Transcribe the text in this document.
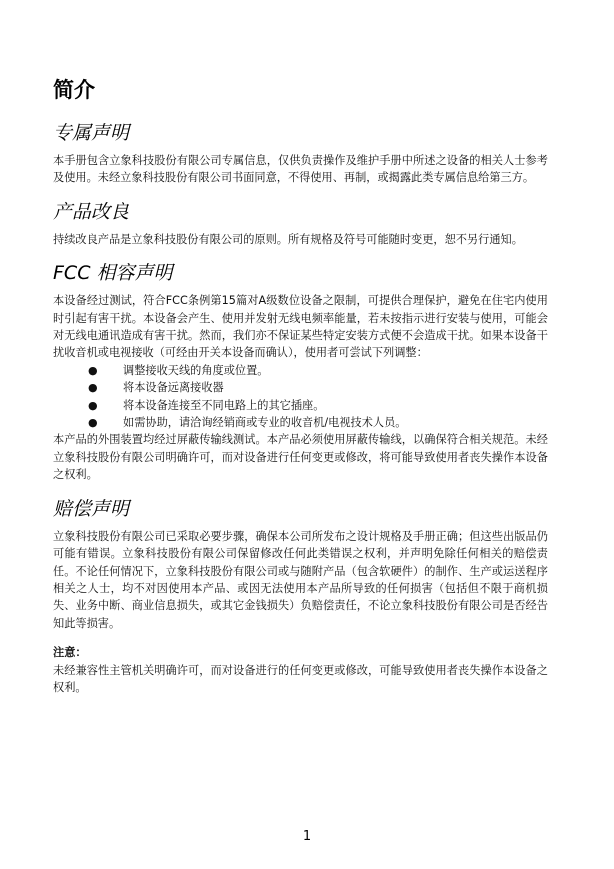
简介
专属声明

本手册包含立象科技股份有限公司专属信息，仅供负责操作及维护手册中所述之设备的相关人士参考及使用。未经立象科技股份有限公司书面同意，不得使用、再制，或揭露此类专属信息给第三方。

产品改良

持续改良产品是立象科技股份有限公司的原则。所有规格及符号可能随时变更，恕不另行通知。

FCC 相容声明

本设备经过测试，符合FCC条例第15篇对A级数位设备之限制，可提供合理保护，避免在住宅内使用时引起有害干扰。本设备会产生、使用并发射无线电频率能量，若未按指示进行安装与使用，可能会对无线电通讯造成有害干扰。然而，我们亦不保证某些特定安装方式便不会造成干扰。如果本设备干扰收音机或电视接收（可经由开关本设备而确认），使用者可尝试下列调整：

● 调整接收天线的角度或位置。
● 将本设备远离接收器
● 将本设备连接至不同电路上的其它插座。
● 如需协助，请洽询经销商或专业的收音机/电视技术人员。

本产品的外围装置均经过屏蔽传输线测试。本产品必须使用屏蔽传输线，以确保符合相关规范。未经立象科技股份有限公司明确许可，而对设备进行任何变更或修改，将可能导致使用者丧失操作本设备之权利。

赔偿声明

立象科技股份有限公司已采取必要步骤，确保本公司所发布之设计规格及手册正确；但这些出版品仍可能有错误。立象科技股份有限公司保留修改任何此类错误之权利，并声明免除任何相关的赔偿责任。不论任何情况下，立象科技股份有限公司或与随附产品（包含软硬件）的制作、生产或运送程序相关之人士，均不对因使用本产品、或因无法使用本产品所导致的任何损害（包括但不限于商机损失、业务中断、商业信息损失，或其它金钱损失）负赔偿责任，不论立象科技股份有限公司是否经告知此等损害。

注意：

未经兼容性主管机关明确许可，而对设备进行的任何变更或修改，可能导致使用者丧失操作本设备之权利。

1
